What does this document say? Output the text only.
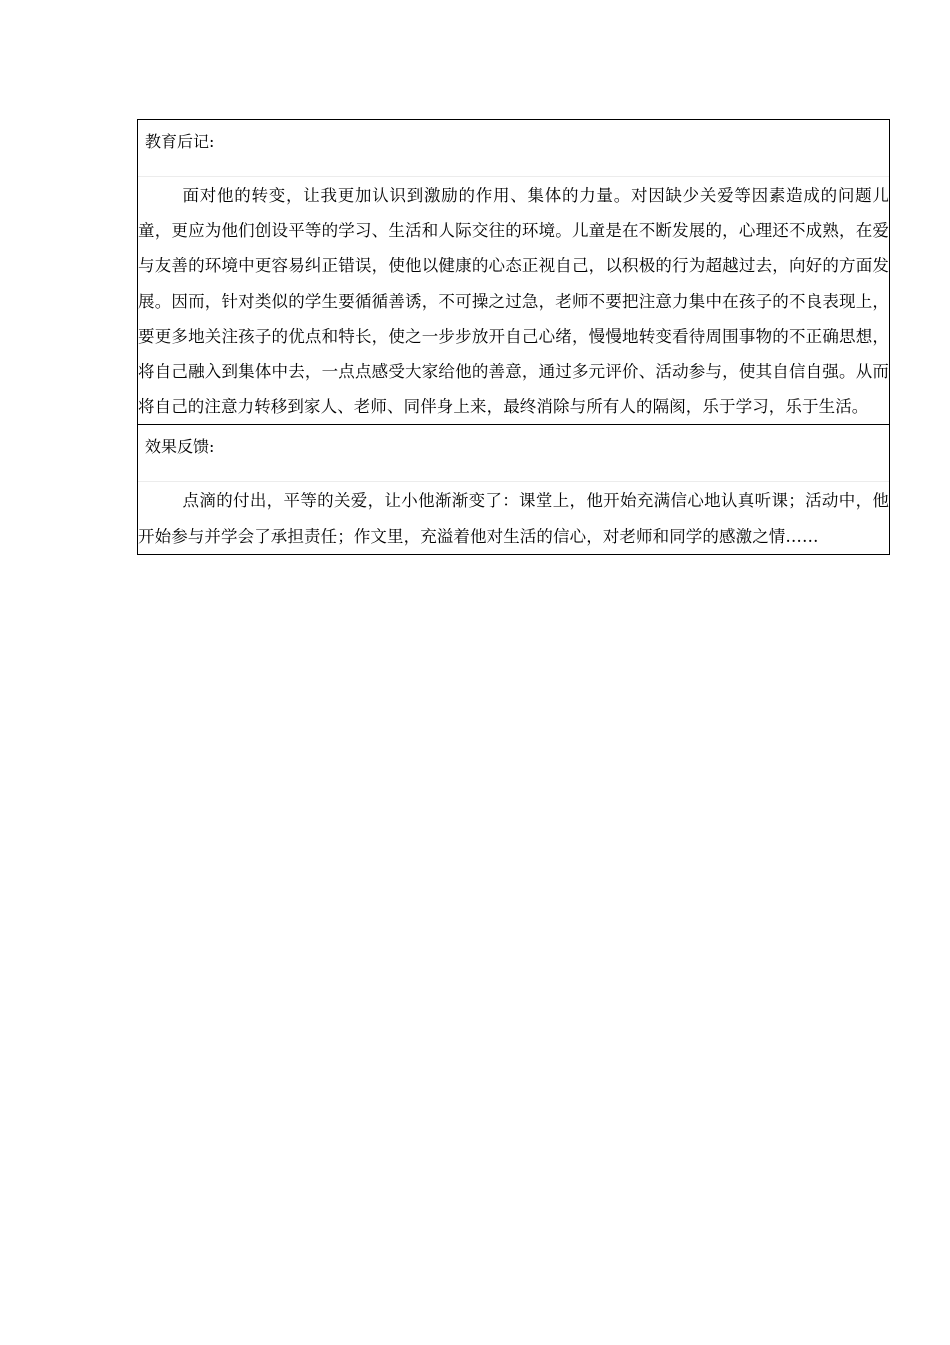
教育后记:

面对他的转变，让我更加认识到激励的作用、集体的力量。对因缺少关爱等因素造成的问题儿童，更应为他们创设平等的学习、生活和人际交往的环境。儿童是在不断发展的，心理还不成熟，在爱与友善的环境中更容易纠正错误，使他以健康的心态正视自己，以积极的行为超越过去，向好的方面发展。因而，针对类似的学生要循循善诱，不可操之过急，老师不要把注意力集中在孩子的不良表现上，要更多地关注孩子的优点和特长，使之一步步放开自己心绪，慢慢地转变看待周围事物的不正确思想，将自己融入到集体中去，一点点感受大家给他的善意，通过多元评价、活动参与，使其自信自强。从而将自己的注意力转移到家人、老师、同伴身上来，最终消除与所有人的隔阂，乐于学习，乐于生活。

效果反馈:

点滴的付出，平等的关爱，让小他渐渐变了：课堂上，他开始充满信心地认真听课；活动中，他开始参与并学会了承担责任；作文里，充溢着他对生活的信心，对老师和同学的感激之情……
